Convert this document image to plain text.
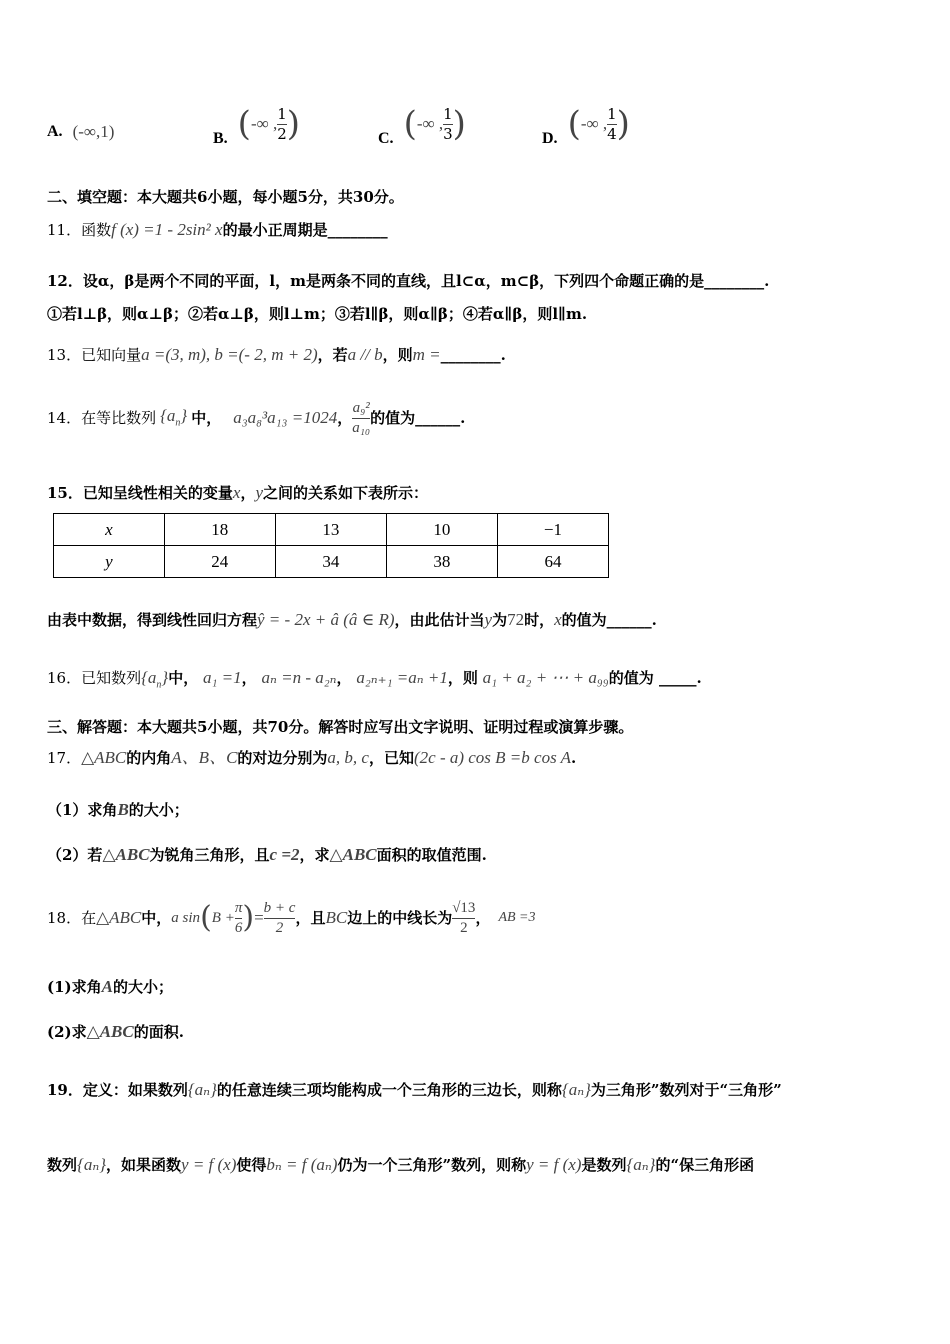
A. (-∞,1)	B. ( -∞ , $\frac{1}{2}$ )	C. ( -∞ , $\frac{1}{3}$ )	D. ( -∞ , $\frac{1}{4}$ )
二、填空题：本大题共6小题，每小题5分，共30分。
11．函数f (x) =1 - 2sin² x的最小正周期是________
12．设α，β是两个不同的平面，l，m是两条不同的直线，且l⊂α，m⊂β，下列四个命题正确的是________.
①若l⊥β，则α⊥β；②若α⊥β，则l⊥m；③若l∥β，则α∥β；④若α∥β，则l∥m.
13．已知向量a =(3, m), b =(- 2, m + 2)，若a // b，则m =________.
14．在等比数列 $\{a_n\}$ 中， a₃a₈³a₁₃ =1024 ， $\frac{\text{a₉²}}{\text{a₁₀}}$ 的值为______.
15．已知呈线性相关的变量x，y之间的关系如下表所示：
x	18	13	10	−1
y	24	34	38	64
由表中数据，得到线性回归方程ŷ = - 2x + â (â ∈ R)，由此估计当y为72时，x的值为______.
16．已知数列$\{a_n\}$中， a₁ =1， aₙ =n - a₂ₙ， a₂ₙ₊₁ =aₙ +1，则 a₁ + a₂ + ⋯ + a₉₉的值为 _____.
三、解答题：本大题共5小题，共70分。解答时应写出文字说明、证明过程或演算步骤。
17．△ABC的内角A、B、C的对边分别为a, b, c，已知(2c - a) cos B =b cos A.
（1）求角B的大小；
（2）若△ABC为锐角三角形，且c =2，求△ABC面积的取值范围.
18．在 △ABC 中， a sin ( $B + \frac{\pi}{6}$ ) = $\frac{b + c}{2}$ ，且 BC 边上的中线长为 $\frac{√13}{2}$ ， AB =3
(1)求角A的大小；
(2)求△ABC的面积.
19．定义：如果数列{aₙ}的任意连续三项均能构成一个三角形的三边长，则称{aₙ}为三角形”数列对于“三角形”
数列{aₙ}，如果函数y = f (x)使得bₙ = f (aₙ)仍为一个三角形”数列，则称y = f (x)是数列{aₙ}的“保三角形函
